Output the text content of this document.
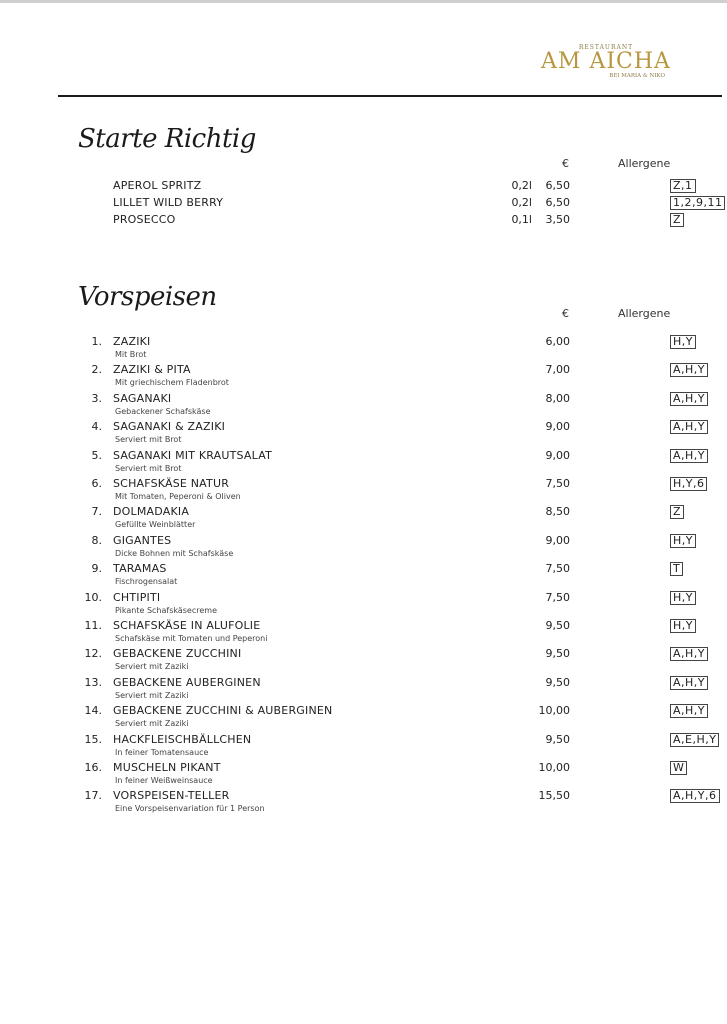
RESTAURANT
AM AICHA
BEI MARIA & NIKO
Starte Richtig
€	Allergene
APEROL SPRITZ	0,2l	6,50	Z,1
LILLET WILD BERRY	0,2l	6,50	1,2,9,11
PROSECCO	0,1l	3,50	Z
Vorspeisen
€	Allergene
1. ZAZIKI	6,00	H,Y
Mit Brot
2. ZAZIKI & PITA	7,00	A,H,Y
Mit griechischem Fladenbrot
3. SAGANAKI	8,00	A,H,Y
Gebackener Schafskäse
4. SAGANAKI & ZAZIKI	9,00	A,H,Y
Serviert mit Brot
5. SAGANAKI MIT KRAUTSALAT	9,00	A,H,Y
Serviert mit Brot
6. SCHAFSKÄSE NATUR	7,50	H,Y,6
Mit Tomaten, Peperoni & Oliven
7. DOLMADAKIA	8,50	Z
Gefüllte Weinblätter
8. GIGANTES	9,00	H,Y
Dicke Bohnen mit Schafskäse
9. TARAMAS	7,50	T
Fischrogensalat
10. CHTIPITI	7,50	H,Y
Pikante Schafskäsecreme
11. SCHAFSKÄSE IN ALUFOLIE	9,50	H,Y
Schafskäse mit Tomaten und Peperoni
12. GEBACKENE ZUCCHINI	9,50	A,H,Y
Serviert mit Zaziki
13. GEBACKENE AUBERGINEN	9,50	A,H,Y
Serviert mit Zaziki
14. GEBACKENE ZUCCHINI & AUBERGINEN	10,00	A,H,Y
Serviert mit Zaziki
15. HACKFLEISCHBÄLLCHEN	9,50	A,E,H,Y
In feiner Tomatensauce
16. MUSCHELN PIKANT	10,00	W
In feiner Weißweinsauce
17. VORSPEISEN-TELLER	15,50	A,H,Y,6
Eine Vorspeisenvariation für 1 Person
